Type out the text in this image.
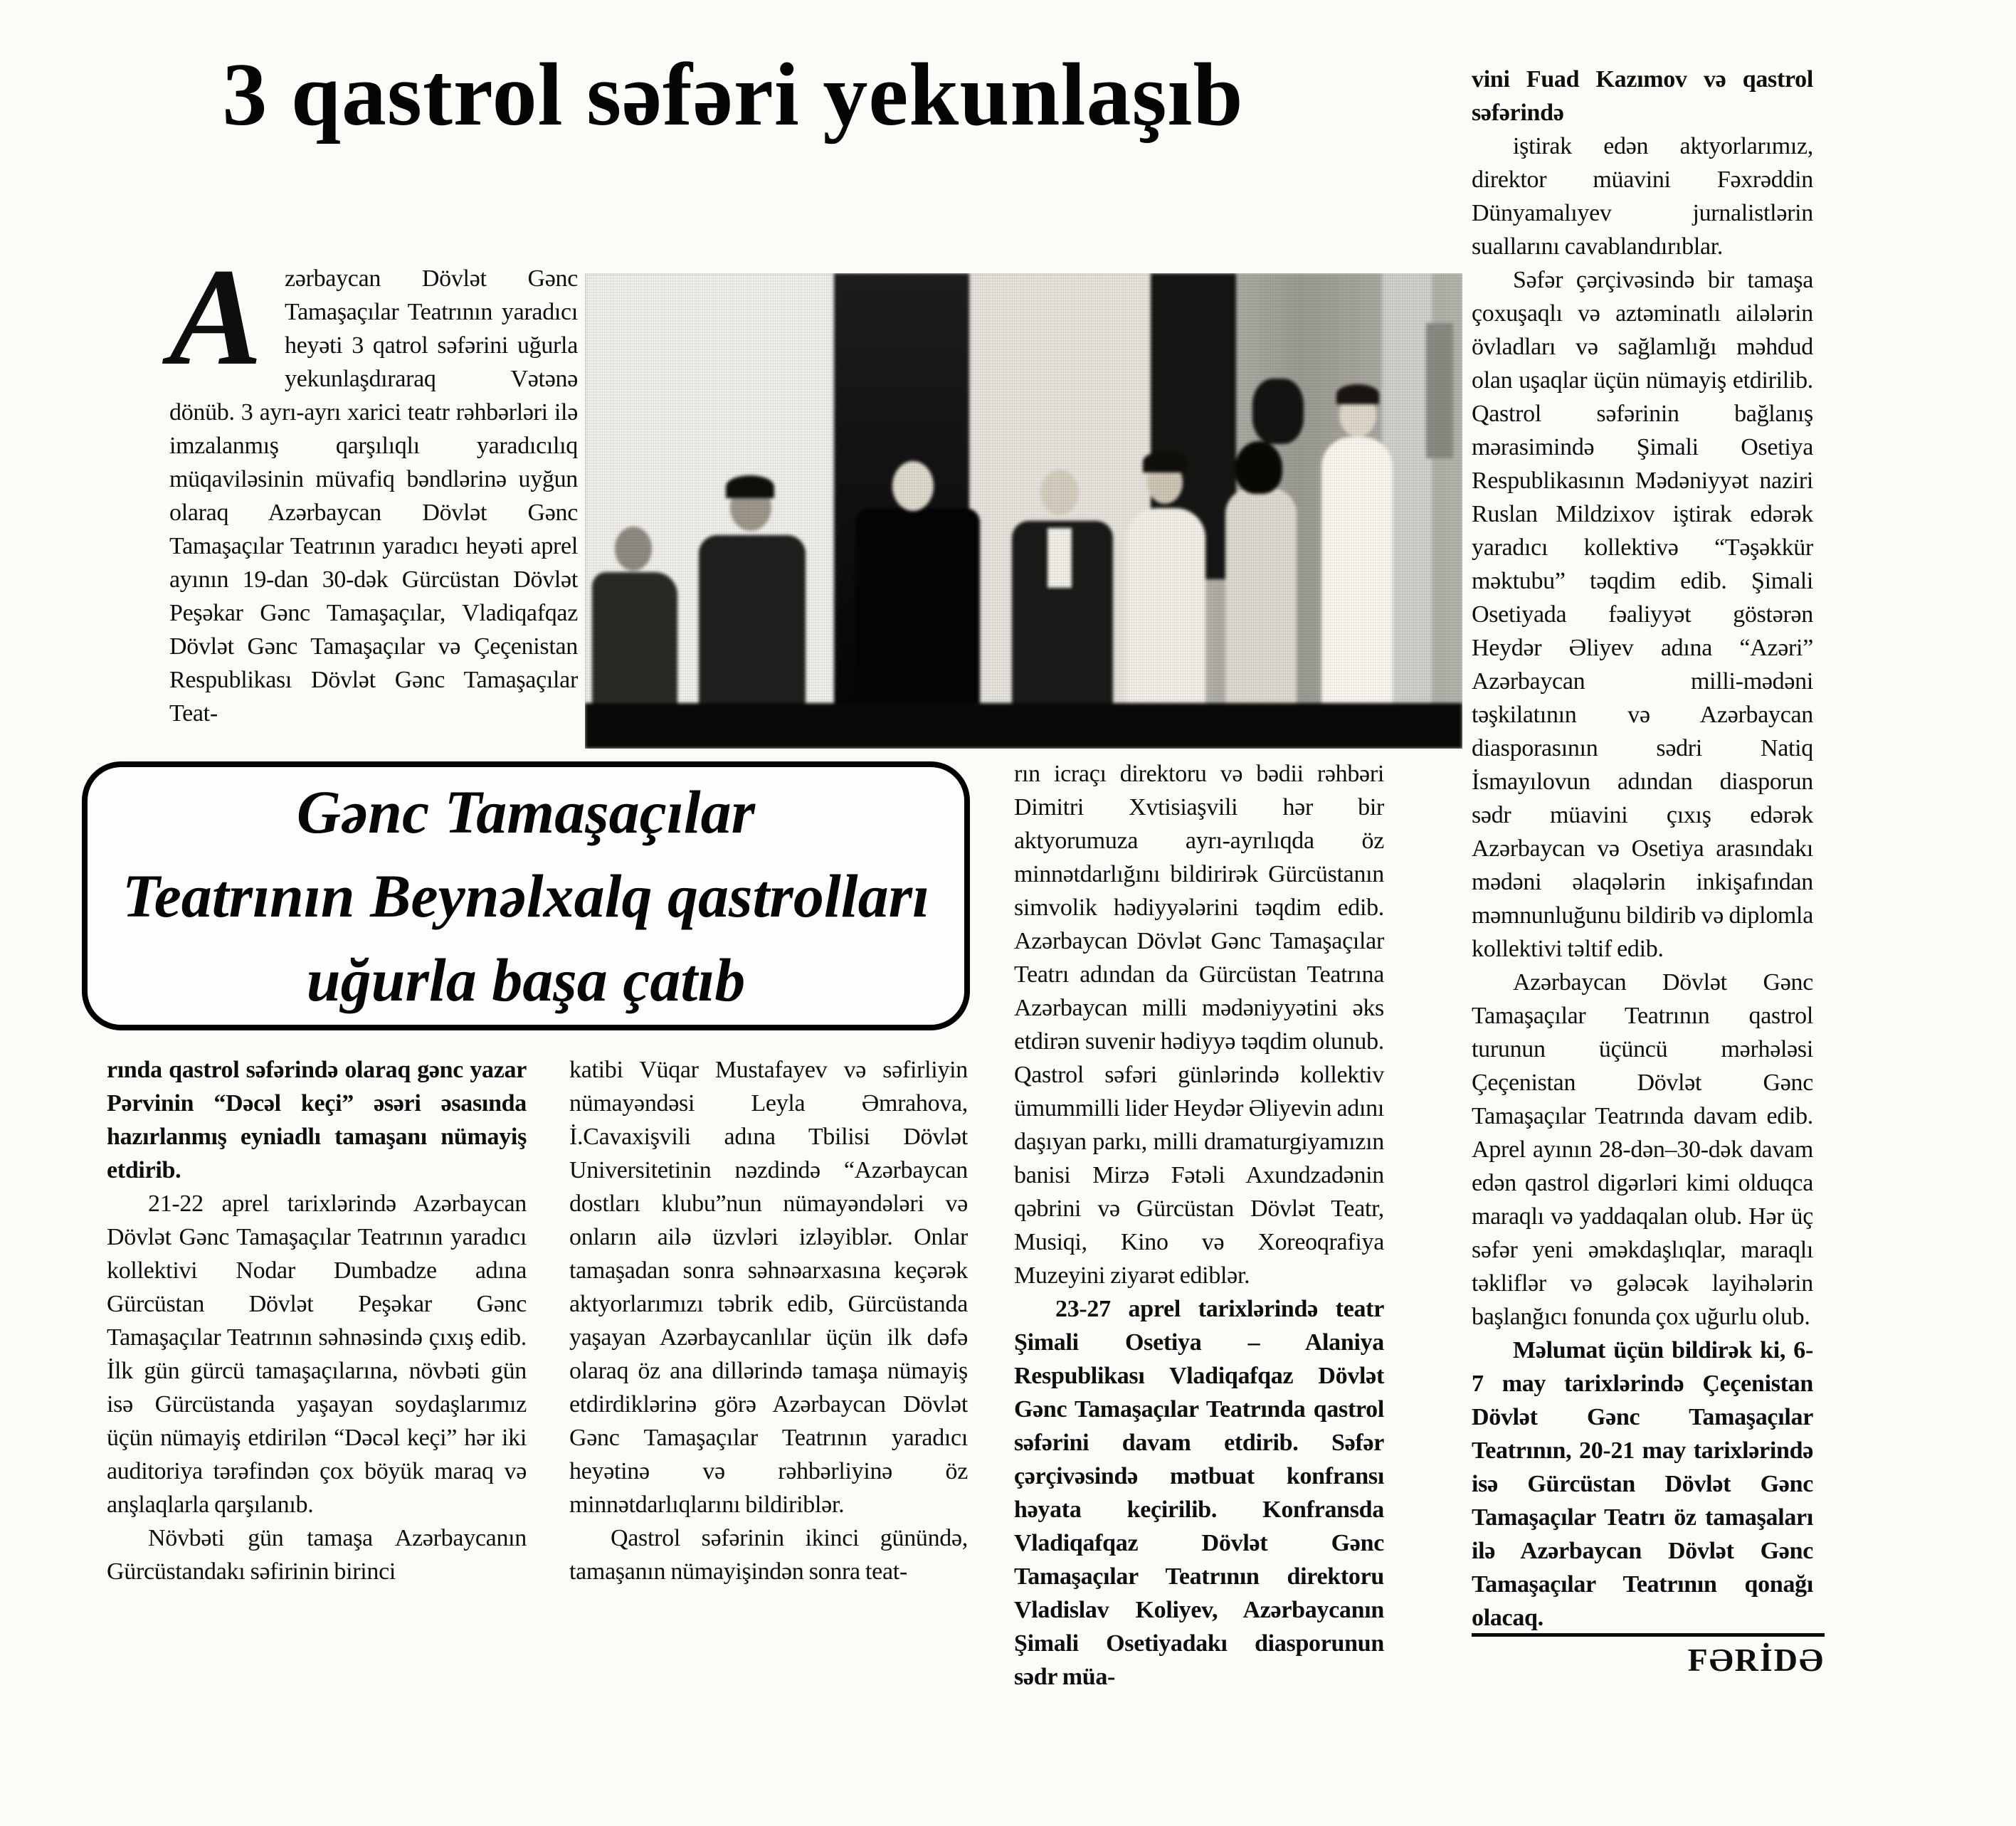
3 qastrol səfəri yekunlaşıb

Azərbaycan Dövlət Gənc Tamaşaçılar Teatrının yaradıcı heyəti 3 qatrol səfərini uğurla yekunlaşdıraraq Vətənə dönüb. 3 ayrı-ayrı xarici teatr rəhbərləri ilə imzalanmış qarşılıqlı yaradıcılıq müqaviləsinin müvafiq bəndlərinə uyğun olaraq Azərbaycan Dövlət Gənc Tamaşaçılar Teatrının yaradıcı heyəti aprel ayının 19-dan 30-dək Gürcüstan Dövlət Peşəkar Gənc Tamaşaçılar, Vladiqafqaz Dövlət Gənc Tamaşaçılar və Çeçenistan Respublikası Dövlət Gənc Tamaşaçılar Teat-

Gənc Tamaşaçılar
Teatrının Beynəlxalq qastrolları
uğurla başa çatıb

rında qastrol səfərində olaraq gənc yazar Pərvinin “Dəcəl keçi” əsəri əsasında hazırlanmış eyniadlı tamaşanı nümayiş etdirib.

21-22 aprel tarixlərində Azərbaycan Dövlət Gənc Tamaşaçılar Teatrının yaradıcı kollektivi Nodar Dumbadze adına Gürcüstan Dövlət Peşəkar Gənc Tamaşaçılar Teatrının səhnəsində çıxış edib. İlk gün gürcü tamaşaçılarına, növbəti gün isə Gürcüstanda yaşayan soydaşlarımız üçün nümayiş etdirilən “Dəcəl keçi” hər iki auditoriya tərəfindən çox böyük maraq və anşlaqlarla qarşılanıb.

Növbəti gün tamaşa Azərbaycanın Gürcüstandakı səfirinin birinci

katibi Vüqar Mustafayev və səfirliyin nümayəndəsi Leyla Əmrahova, İ.Cavaxişvili adına Tbilisi Dövlət Universitetinin nəzdində “Azərbaycan dostları klubu”nun nümayəndələri və onların ailə üzvləri izləyiblər. Onlar tamaşadan sonra səhnəarxasına keçərək aktyorlarımızı təbrik edib, Gürcüstanda yaşayan Azərbaycanlılar üçün ilk dəfə olaraq öz ana dillərində tamaşa nümayiş etdirdiklərinə görə Azərbaycan Dövlət Gənc Tamaşaçılar Teatrının yaradıcı heyətinə və rəhbərliyinə öz minnətdarlıqlarını bildiriblər.

Qastrol səfərinin ikinci günündə, tamaşanın nümayişindən sonra teat-

rın icraçı direktoru və bədii rəhbəri Dimitri Xvtisiaşvili hər bir aktyorumuza ayrı-ayrılıqda öz minnətdarlığını bildirirək Gürcüstanın simvolik hədiyyələrini təqdim edib. Azərbaycan Dövlət Gənc Tamaşaçılar Teatrı adından da Gürcüstan Teatrına Azərbaycan milli mədəniyyətini əks etdirən suvenir hədiyyə təqdim olunub. Qastrol səfəri günlərində kollektiv ümummilli lider Heydər Əliyevin adını daşıyan parkı, milli dramaturgiyamızın banisi Mirzə Fətəli Axundzadənin qəbrini və Gürcüstan Dövlət Teatr, Musiqi, Kino və Xoreoqrafiya Muzeyini ziyarət ediblər.

23-27 aprel tarixlərində teatr Şimali Osetiya – Alaniya Respublikası Vladiqafqaz Dövlət Gənc Tamaşaçılar Teatrında qastrol səfərini davam etdirib. Səfər çərçivəsində mətbuat konfransı həyata keçirilib. Konfransda Vladiqafqaz Dövlət Gənc Tamaşaçılar Teatrının direktoru Vladislav Koliyev, Azərbaycanın Şimali Osetiyadakı diasporunun sədr müa-

vini Fuad Kazımov və qastrol səfərində

iştirak edən aktyorlarımız, direktor müavini Fəxrəddin Dünyamalıyev jurnalistlərin suallarını cavablandırıblar.

Səfər çərçivəsində bir tamaşa çoxuşaqlı və aztəminatlı ailələrin övladları və sağlamlığı məhdud olan uşaqlar üçün nümayiş etdirilib. Qastrol səfərinin bağlanış mərasimində Şimali Osetiya Respublikasının Mədəniyyət naziri Ruslan Mildzixov iştirak edərək yaradıcı kollektivə “Təşəkkür məktubu” təqdim edib. Şimali Osetiyada fəaliyyət göstərən Heydər Əliyev adına “Azəri” Azərbaycan milli-mədəni təşkilatının və Azərbaycan diasporasının sədri Natiq İsmayılovun adından diasporun sədr müavini çıxış edərək Azərbaycan və Osetiya arasındakı mədəni əlaqələrin inkişafından məmnunluğunu bildirib və diplomla kollektivi təltif edib.

Azərbaycan Dövlət Gənc Tamaşaçılar Teatrının qastrol turunun üçüncü mərhələsi Çeçenistan Dövlət Gənc Tamaşaçılar Teatrında davam edib. Aprel ayının 28-dən–30-dək davam edən qastrol digərləri kimi olduqca maraqlı və yaddaqalan olub. Hər üç səfər yeni əməkdaşlıqlar, maraqlı təkliflər və gələcək layihələrin başlanğıcı fonunda çox uğurlu olub.

Məlumat üçün bildirək ki, 6-7 may tarixlərində Çeçenistan Dövlət Gənc Tamaşaçılar Teatrının, 20-21 may tarixlərində isə Gürcüstan Dövlət Gənc Tamaşaçılar Teatrı öz tamaşaları ilə Azərbaycan Dövlət Gənc Tamaşaçılar Teatrının qonağı olacaq.

FƏRİDƏ
